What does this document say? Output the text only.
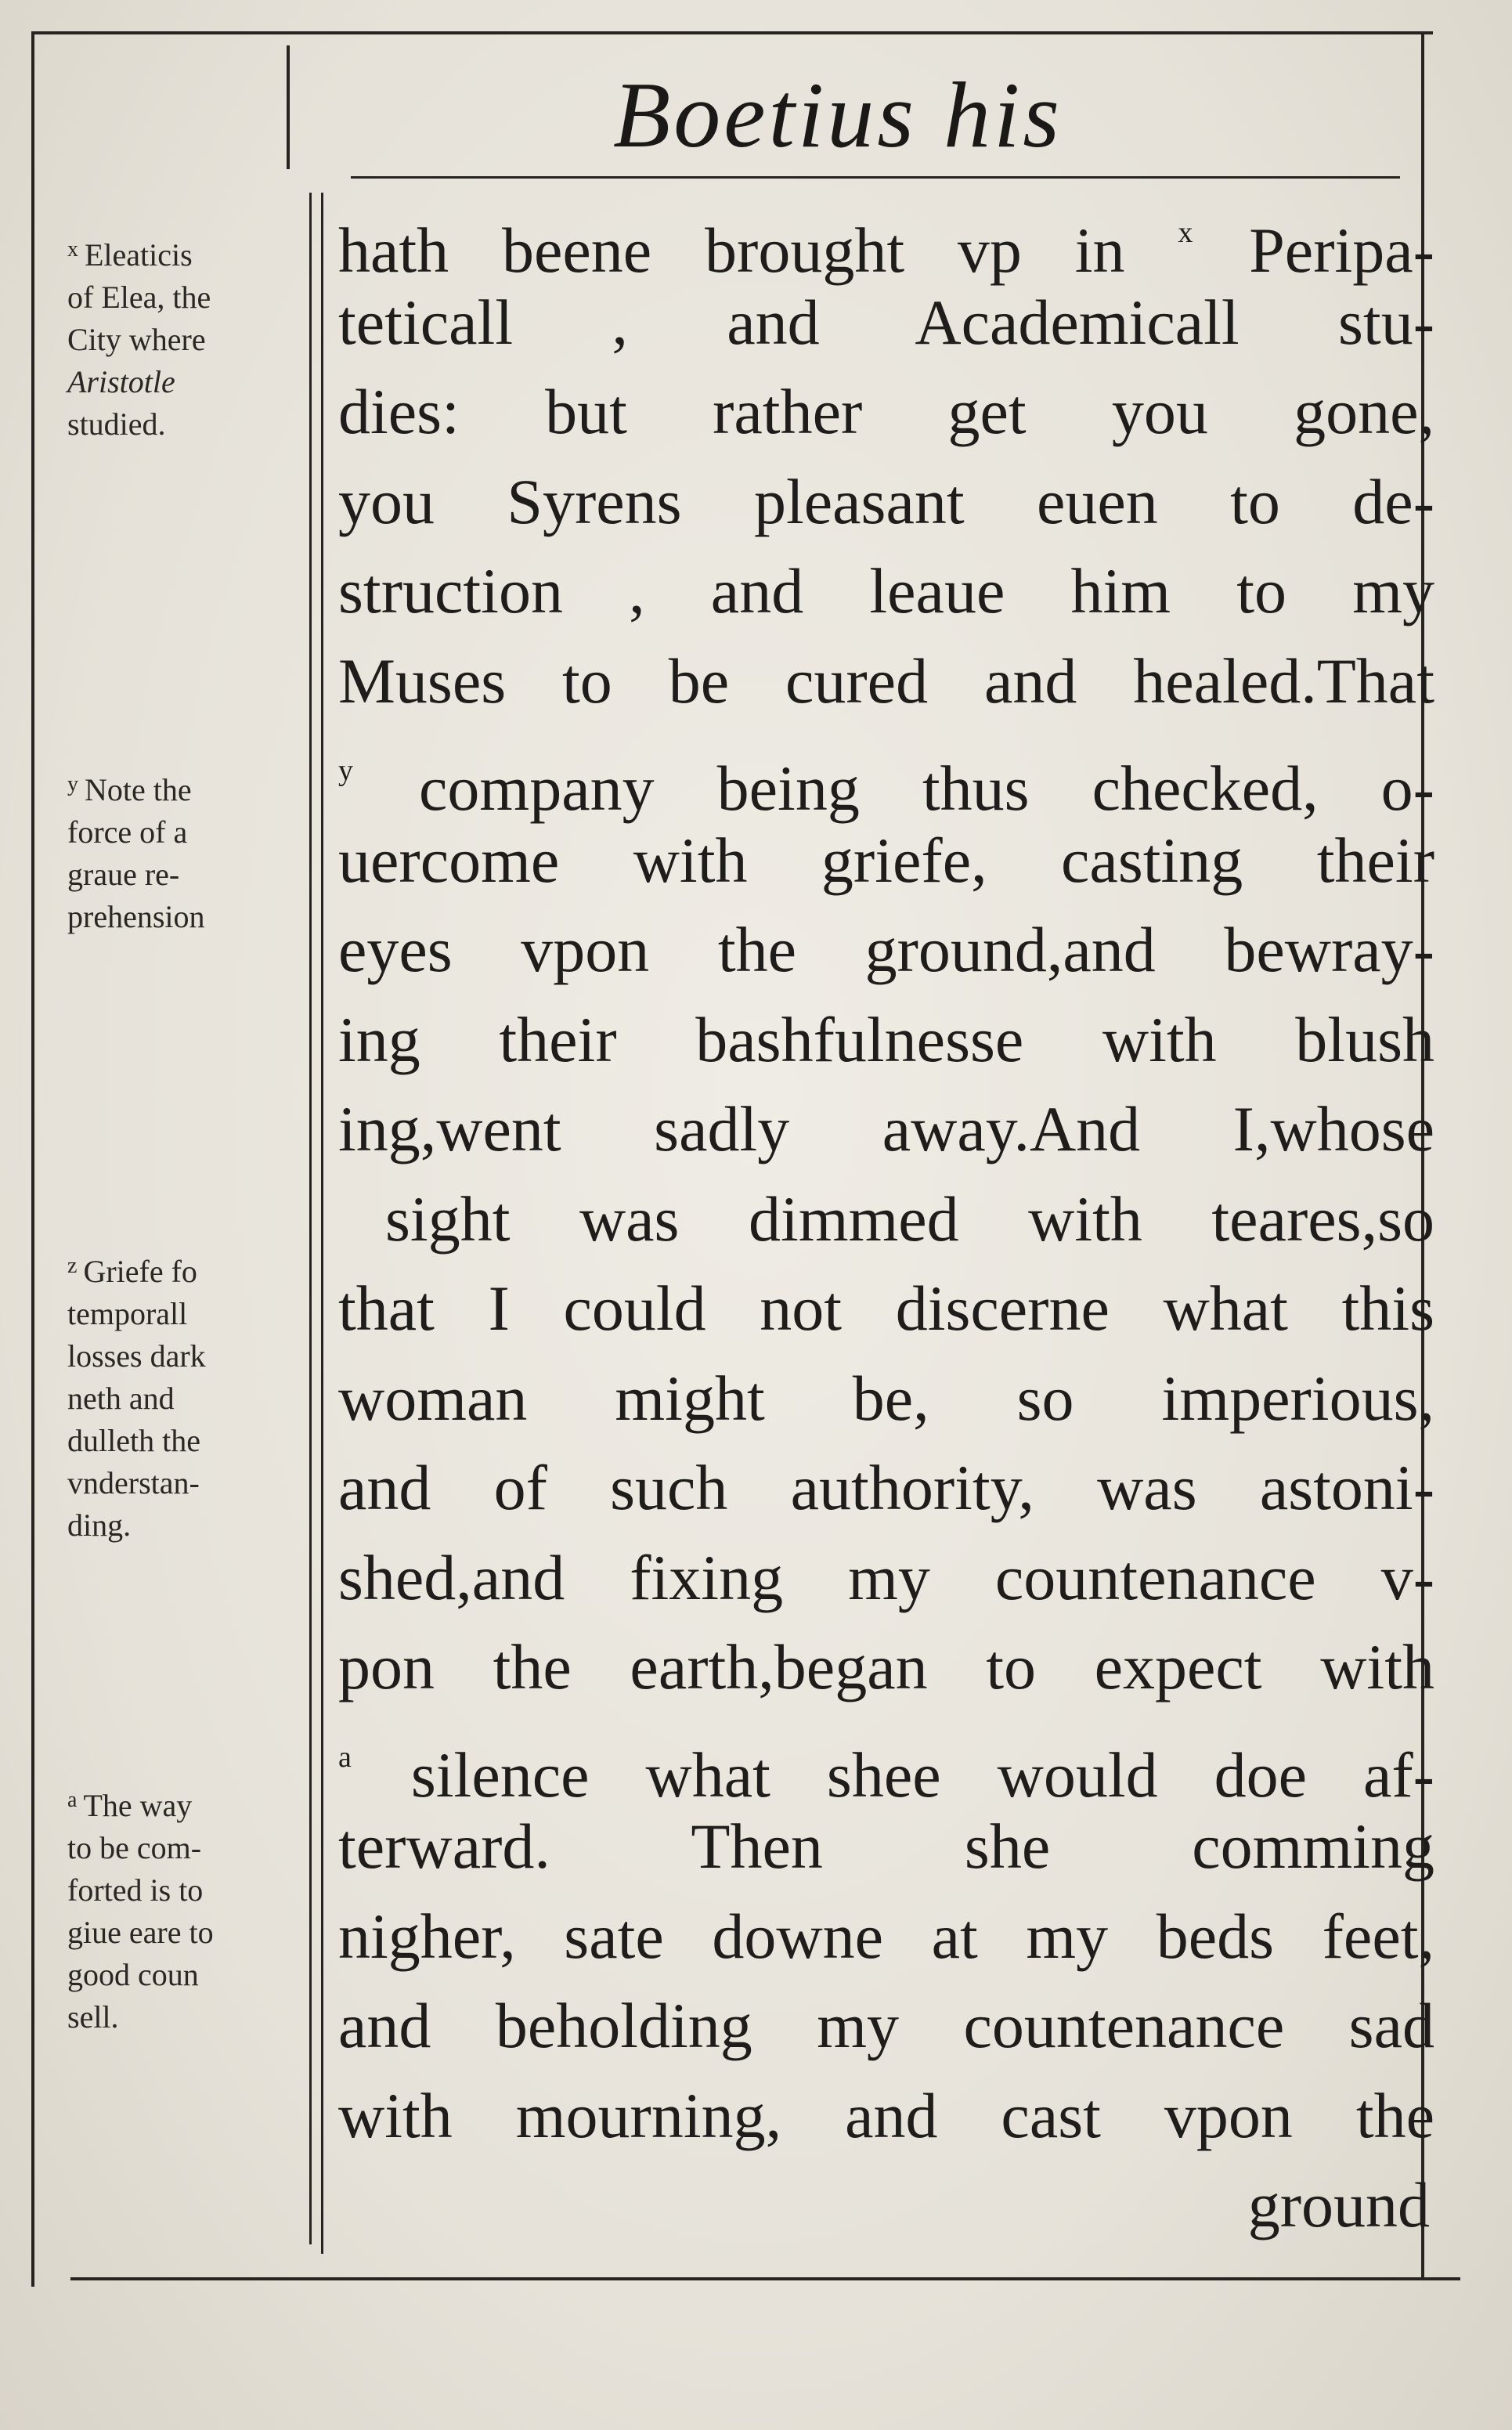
Boetius his
hath beene brought vp in $^x$ Peripa-
teticall , and Academicall stu-
dies: but rather get you gone,
you Syrens pleasant euen to de-
struction , and leaue him to my
Muses to be cured and healed.That
$^y$ company being thus checked, o-
uercome with griefe, casting their
eyes vpon the ground,and bewray-
ing their bashfulnesse with blush
ing,went sadly away.And I,whose
sight was dimmed with teares,so
that I could not discerne what this
woman might be, so imperious,
and of such authority, was astoni-
shed,and fixing my countenance v-
pon the earth,began to expect with
$^a$ silence what shee would doe af-
terward. Then she comming
nigher, sate downe at my beds feet,
and beholding my countenance sad
with mourning, and cast vpon the
ground
$^x$ Eleaticis
of Elea, the
City where
Aristotle
studied.
$^y$ Note the
force of a
graue re-
prehension
$^z$ Griefe fo
temporall
losses dark
neth and
dulleth the
vnderstan-
ding.
$^a$ The way
to be com-
forted is to
giue eare to
good coun
sell.
